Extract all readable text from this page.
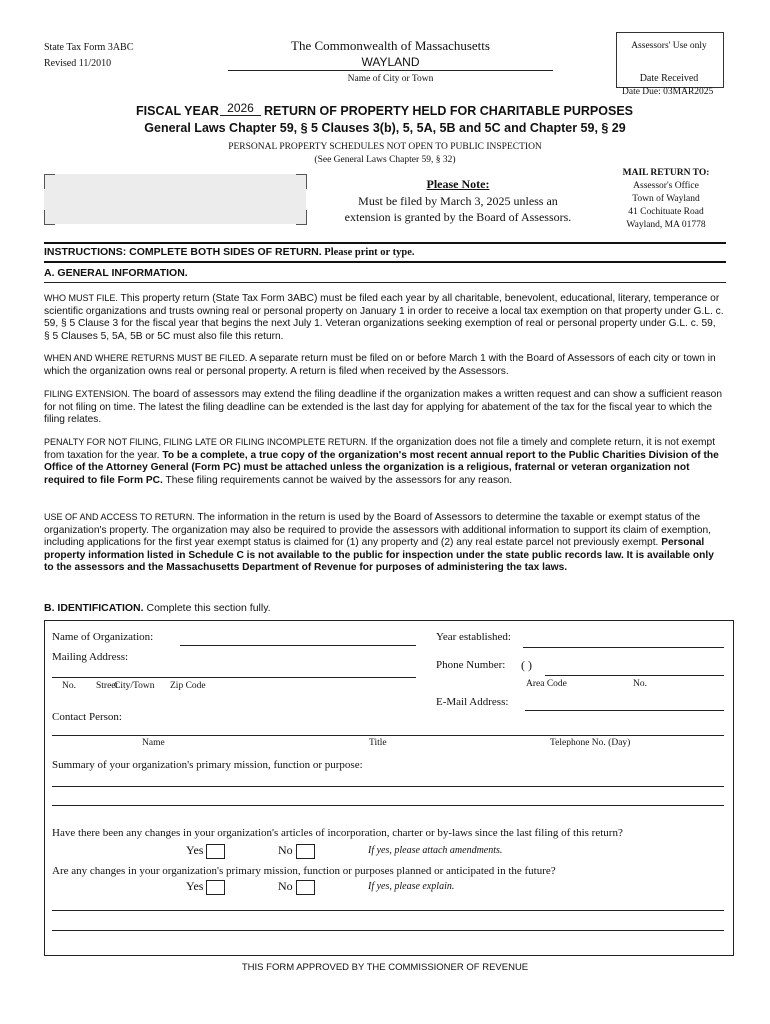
State Tax Form 3ABC
Revised 11/2010
The Commonwealth of Massachusetts
WAYLAND
Name of City or Town
Assessors' Use only
Date Received
Date Due: 03MAR2025
FISCAL YEAR 2026 RETURN OF PROPERTY HELD FOR CHARITABLE PURPOSES
General Laws Chapter 59, § 5 Clauses 3(b), 5, 5A, 5B and 5C and Chapter 59, § 29
PERSONAL PROPERTY SCHEDULES NOT OPEN TO PUBLIC INSPECTION
(See General Laws Chapter 59, § 32)
Please Note:
Must be filed by March 3, 2025 unless an
extension is granted by the Board of Assessors.
MAIL RETURN TO:
Assessor's Office
Town of Wayland
41 Cochituate Road
Wayland, MA 01778
INSTRUCTIONS: COMPLETE BOTH SIDES OF RETURN. Please print or type.
A. GENERAL INFORMATION.
WHO MUST FILE. This property return (State Tax Form 3ABC) must be filed each year by all charitable, benevolent, educational, literary, temperance or scientific organizations and trusts owning real or personal property on January 1 in order to receive a local tax exemption on that property under G.L. c. 59, § 5 Clause 3 for the fiscal year that begins the next July 1. Veteran organizations seeking exemption of real or personal property under G.L. c. 59, § 5 Clauses 5, 5A, 5B or 5C must also file this return.
WHEN AND WHERE RETURNS MUST BE FILED. A separate return must be filed on or before March 1 with the Board of Assessors of each city or town in which the organization owns real or personal property. A return is filed when received by the Assessors.
FILING EXTENSION. The board of assessors may extend the filing deadline if the organization makes a written request and can show a sufficient reason for not filing on time. The latest the filing deadline can be extended is the last day for applying for abatement of the tax for the fiscal year to which the filing relates.
PENALTY FOR NOT FILING, FILING LATE OR FILING INCOMPLETE RETURN. If the organization does not file a timely and complete return, it is not exempt from taxation for the year. To be a complete, a true copy of the organization's most recent annual report to the Public Charities Division of the Office of the Attorney General (Form PC) must be attached unless the organization is a religious, fraternal or veteran organization not required to file Form PC. These filing requirements cannot be waived by the assessors for any reason.
USE OF AND ACCESS TO RETURN. The information in the return is used by the Board of Assessors to determine the taxable or exempt status of the organization's property. The organization may also be required to provide the assessors with additional information to support its claim of exemption, including applications for the first year exempt status is claimed for (1) any property and (2) any real estate parcel not previously exempt. Personal property information listed in Schedule C is not available to the public for inspection under the state public records law. It is available only to the assessors and the Massachusetts Department of Revenue for purposes of administering the tax laws.
B. IDENTIFICATION. Complete this section fully.
Name of Organization:
Mailing Address:
No. Street
City/Town Zip Code
Contact Person:
Name	Title	Telephone No. (Day)
Year established:
Phone Number: ( )
Area Code	No.
E-Mail Address:
Summary of your organization's primary mission, function or purpose:
Have there been any changes in your organization's articles of incorporation, charter or by-laws since the last filing of this return?
Yes	No	If yes, please attach amendments.
Are any changes in your organization's primary mission, function or purposes planned or anticipated in the future?
Yes	No	If yes, please explain.
THIS FORM APPROVED BY THE COMMISSIONER OF REVENUE
